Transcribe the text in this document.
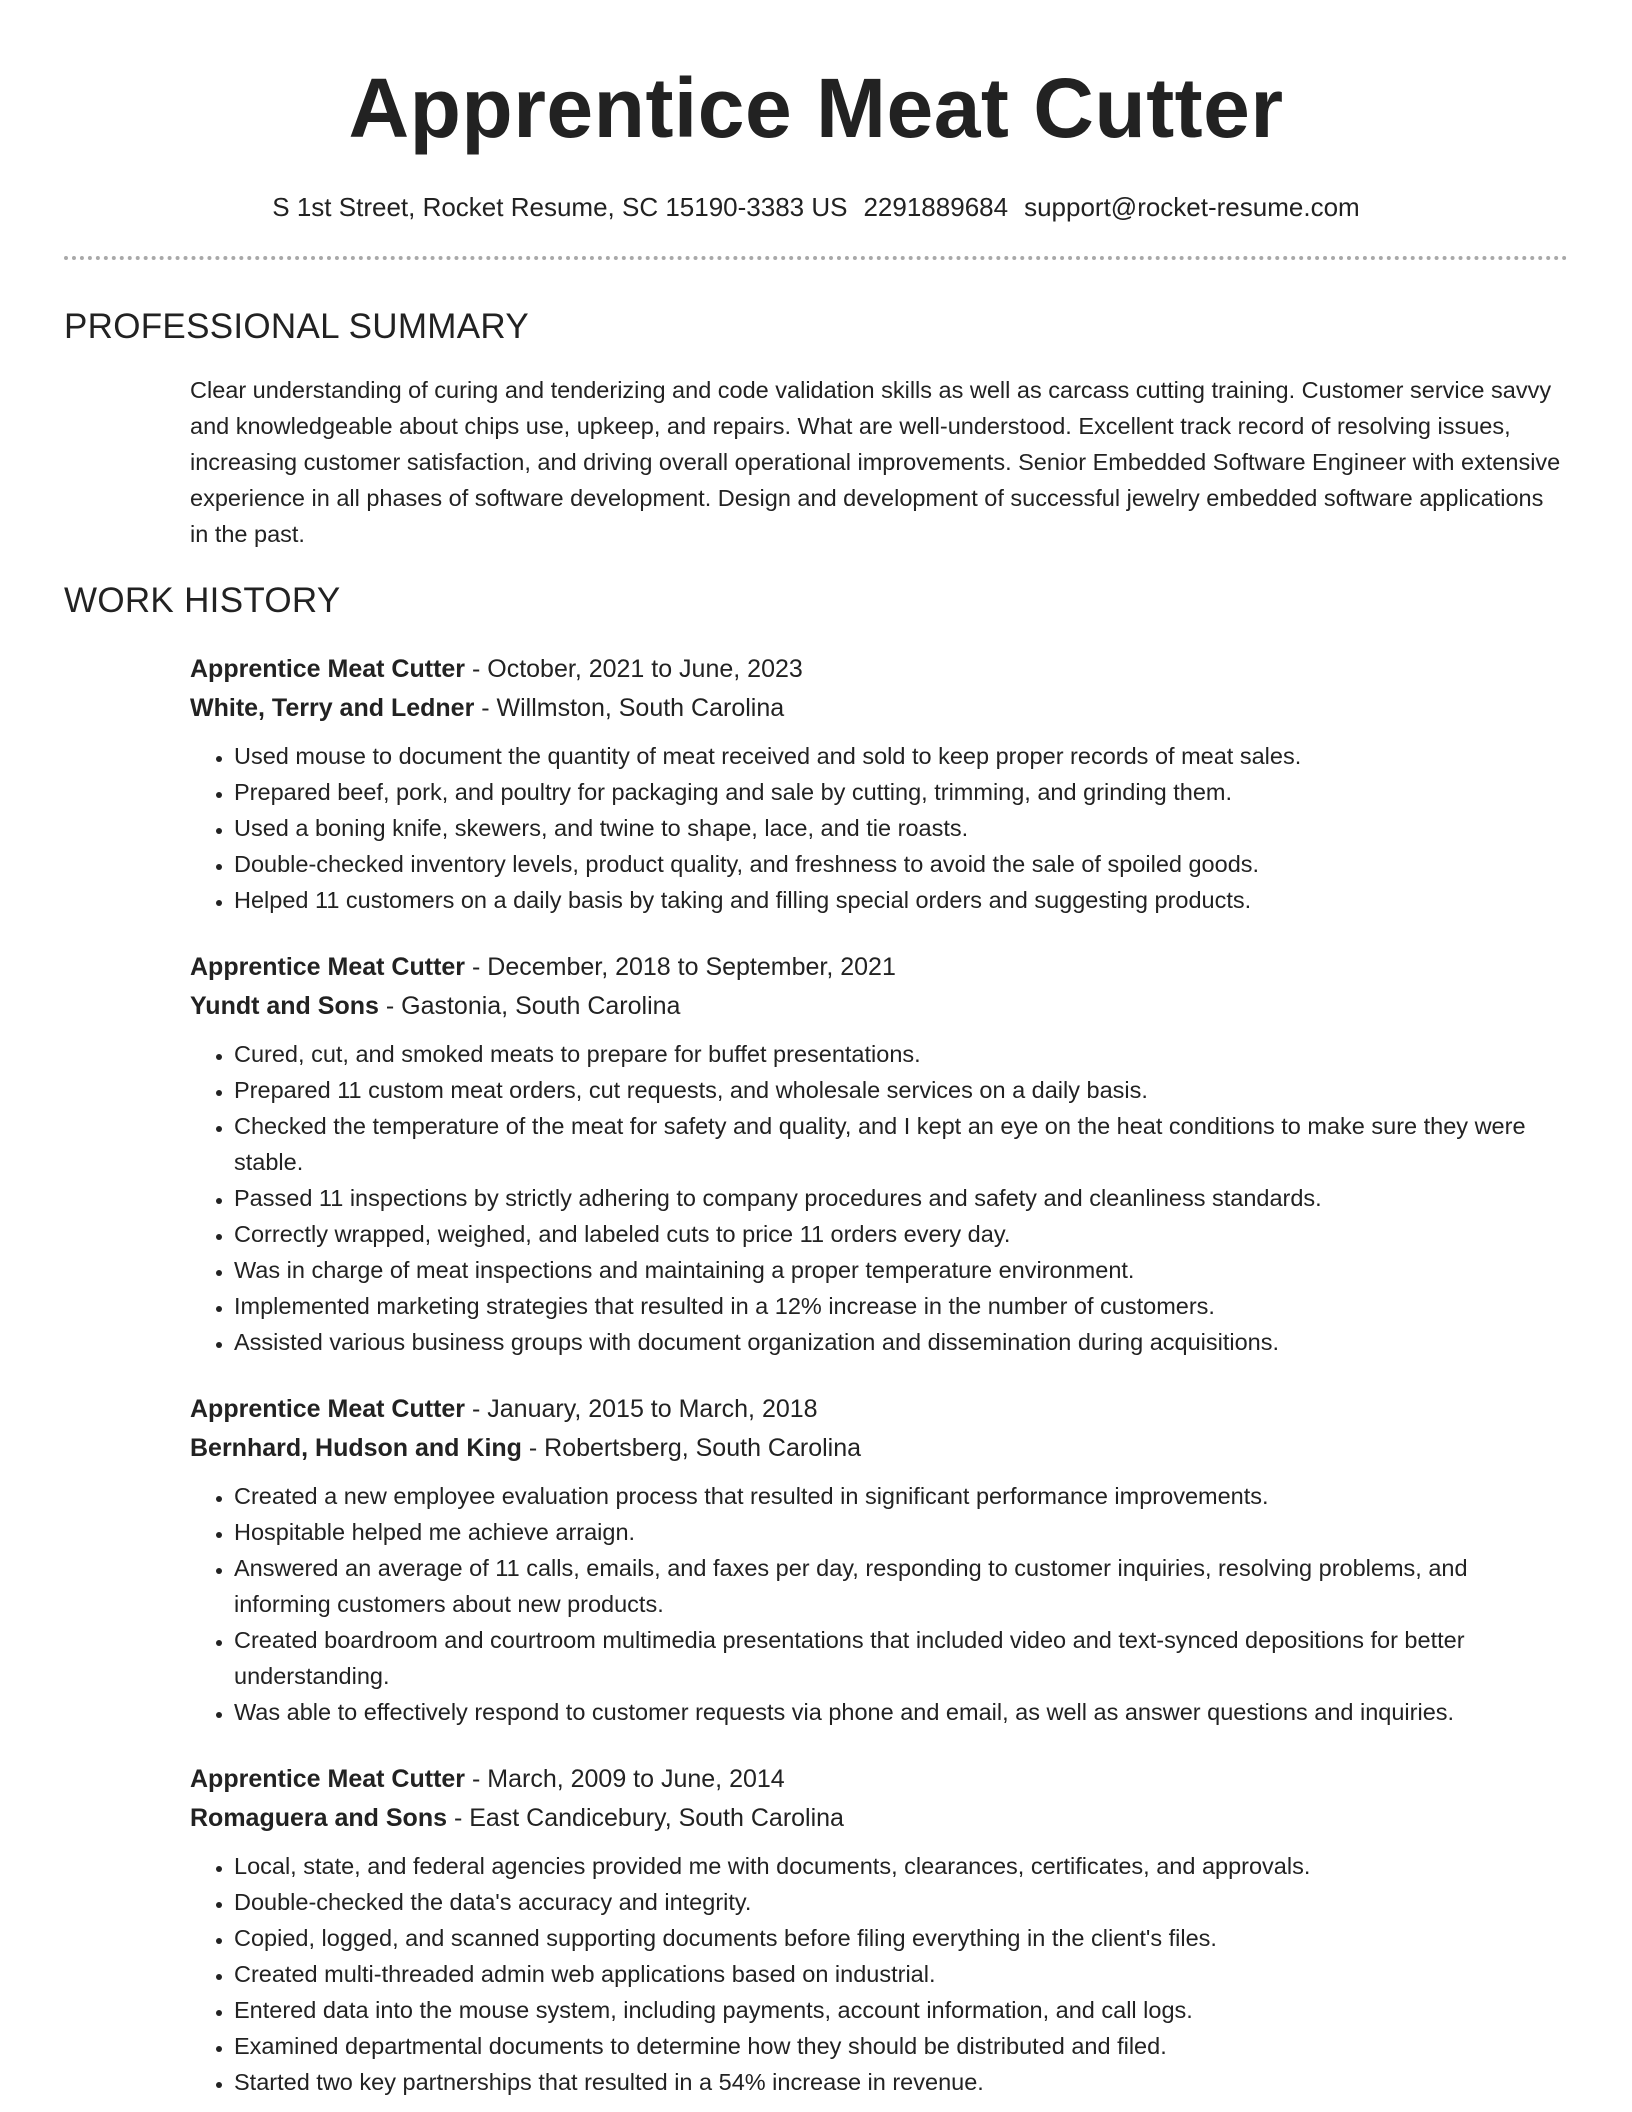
Apprentice Meat Cutter
S 1st Street, Rocket Resume, SC 15190-3383 US 2291889684 support@rocket-resume.com
PROFESSIONAL SUMMARY

Clear understanding of curing and tenderizing and code validation skills as well as carcass cutting training. Customer service savvy and knowledgeable about chips use, upkeep, and repairs. What are well-understood. Excellent track record of resolving issues, increasing customer satisfaction, and driving overall operational improvements. Senior Embedded Software Engineer with extensive experience in all phases of software development. Design and development of successful jewelry embedded software applications in the past.

WORK HISTORY
Apprentice Meat Cutter - October, 2021 to June, 2023
White, Terry and Ledner - Willmston, South Carolina
• Used mouse to document the quantity of meat received and sold to keep proper records of meat sales.
• Prepared beef, pork, and poultry for packaging and sale by cutting, trimming, and grinding them.
• Used a boning knife, skewers, and twine to shape, lace, and tie roasts.
• Double-checked inventory levels, product quality, and freshness to avoid the sale of spoiled goods.
• Helped 11 customers on a daily basis by taking and filling special orders and suggesting products.
Apprentice Meat Cutter - December, 2018 to September, 2021
Yundt and Sons - Gastonia, South Carolina
• Cured, cut, and smoked meats to prepare for buffet presentations.
• Prepared 11 custom meat orders, cut requests, and wholesale services on a daily basis.
• Checked the temperature of the meat for safety and quality, and I kept an eye on the heat conditions to make sure they were stable.
• Passed 11 inspections by strictly adhering to company procedures and safety and cleanliness standards.
• Correctly wrapped, weighed, and labeled cuts to price 11 orders every day.
• Was in charge of meat inspections and maintaining a proper temperature environment.
• Implemented marketing strategies that resulted in a 12% increase in the number of customers.
• Assisted various business groups with document organization and dissemination during acquisitions.
Apprentice Meat Cutter - January, 2015 to March, 2018
Bernhard, Hudson and King - Robertsberg, South Carolina
• Created a new employee evaluation process that resulted in significant performance improvements.
• Hospitable helped me achieve arraign.
• Answered an average of 11 calls, emails, and faxes per day, responding to customer inquiries, resolving problems, and informing customers about new products.
• Created boardroom and courtroom multimedia presentations that included video and text-synced depositions for better understanding.
• Was able to effectively respond to customer requests via phone and email, as well as answer questions and inquiries.
Apprentice Meat Cutter - March, 2009 to June, 2014
Romaguera and Sons - East Candicebury, South Carolina
• Local, state, and federal agencies provided me with documents, clearances, certificates, and approvals.
• Double-checked the data's accuracy and integrity.
• Copied, logged, and scanned supporting documents before filing everything in the client's files.
• Created multi-threaded admin web applications based on industrial.
• Entered data into the mouse system, including payments, account information, and call logs.
• Examined departmental documents to determine how they should be distributed and filed.
• Started two key partnerships that resulted in a 54% increase in revenue.
